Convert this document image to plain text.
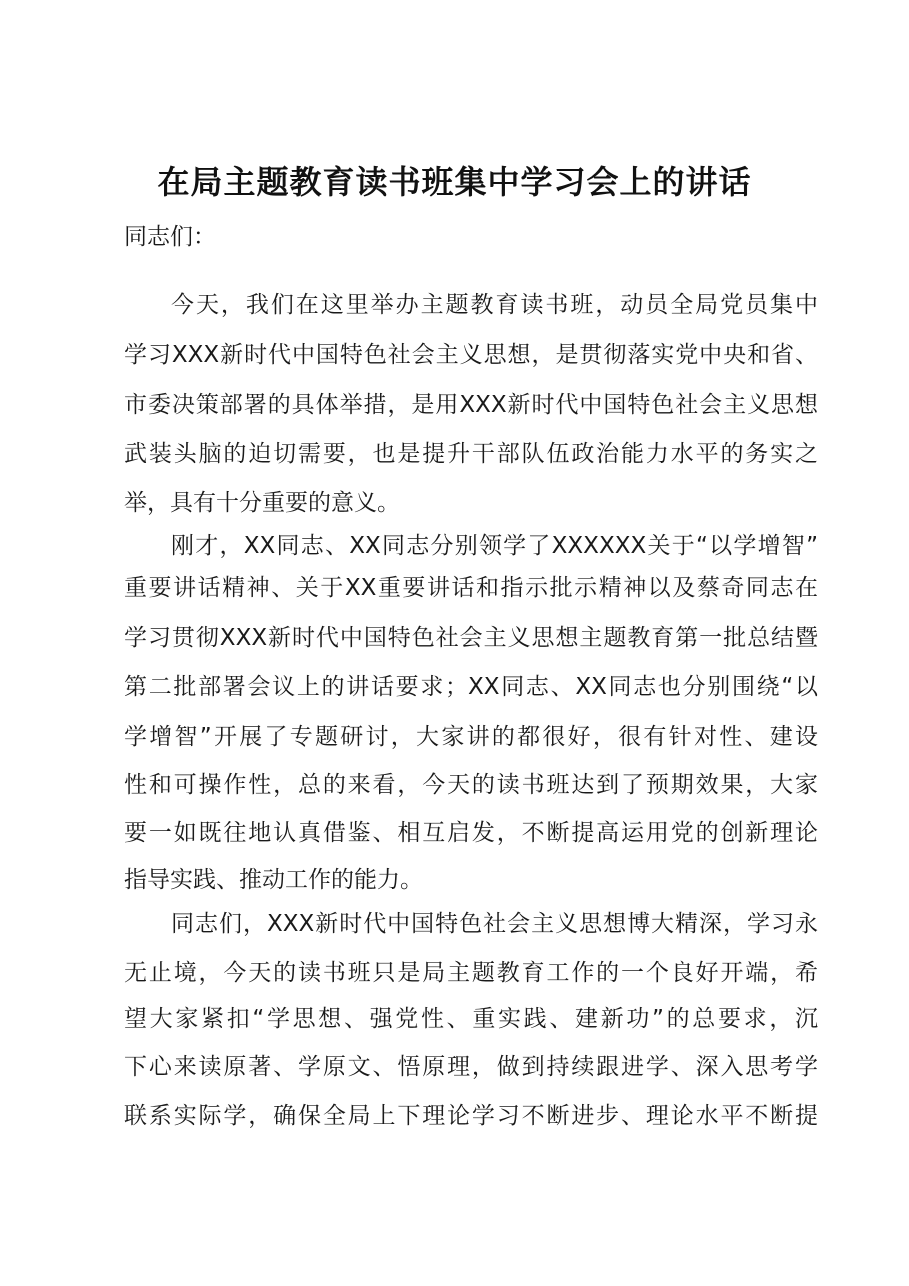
在局主题教育读书班集中学习会上的讲话
同志们：
今天，我们在这里举办主题教育读书班，动员全局党员集中
学习XXX新时代中国特色社会主义思想，是贯彻落实党中央和省、
市委决策部署的具体举措，是用XXX新时代中国特色社会主义思想
武装头脑的迫切需要，也是提升干部队伍政治能力水平的务实之
举，具有十分重要的意义。
刚才，XX同志、XX同志分别领学了XXXXXX关于“以学增智”
重要讲话精神、关于XX重要讲话和指示批示精神以及蔡奇同志在
学习贯彻XXX新时代中国特色社会主义思想主题教育第一批总结暨
第二批部署会议上的讲话要求；XX同志、XX同志也分别围绕“以
学增智”开展了专题研讨，大家讲的都很好，很有针对性、建设
性和可操作性，总的来看，今天的读书班达到了预期效果，大家
要一如既往地认真借鉴、相互启发，不断提高运用党的创新理论
指导实践、推动工作的能力。
同志们，XXX新时代中国特色社会主义思想博大精深，学习永
无止境，今天的读书班只是局主题教育工作的一个良好开端，希
望大家紧扣“学思想、强党性、重实践、建新功”的总要求，沉
下心来读原著、学原文、悟原理，做到持续跟进学、深入思考学
联系实际学，确保全局上下理论学习不断进步、理论水平不断提
